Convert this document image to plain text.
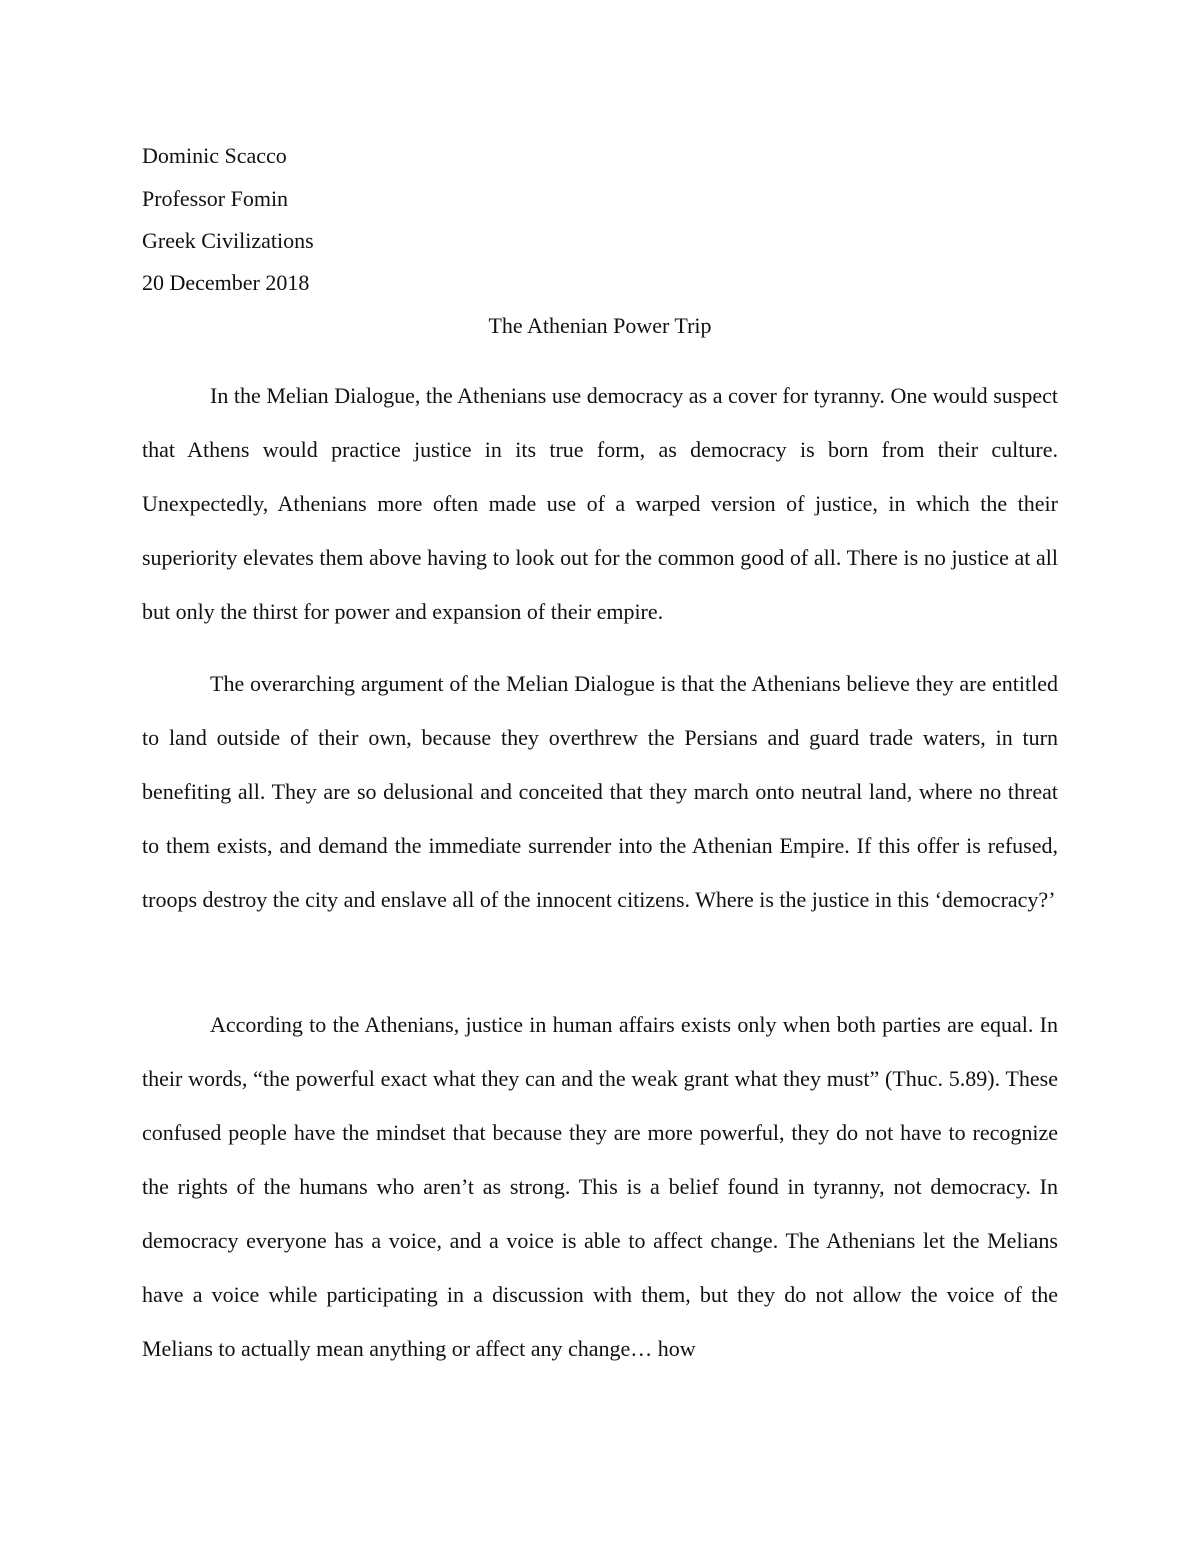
Dominic Scacco
Professor Fomin
Greek Civilizations
20 December 2018
The Athenian Power Trip

In the Melian Dialogue, the Athenians use democracy as a cover for tyranny. One would suspect that Athens would practice justice in its true form, as democracy is born from their culture. Unexpectedly, Athenians more often made use of a warped version of justice, in which the their superiority elevates them above having to look out for the common good of all. There is no justice at all but only the thirst for power and expansion of their empire.

The overarching argument of the Melian Dialogue is that the Athenians believe they are entitled to land outside of their own, because they overthrew the Persians and guard trade waters, in turn benefiting all. They are so delusional and conceited that they march onto neutral land, where no threat to them exists, and demand the immediate surrender into the Athenian Empire. If this offer is refused, troops destroy the city and enslave all of the innocent citizens. Where is the justice in this ‘democracy?’

According to the Athenians, justice in human affairs exists only when both parties are equal. In their words, “the powerful exact what they can and the weak grant what they must” (Thuc. 5.89). These confused people have the mindset that because they are more powerful, they do not have to recognize the rights of the humans who aren’t as strong. This is a belief found in tyranny, not democracy. In democracy everyone has a voice, and a voice is able to affect change. The Athenians let the Melians have a voice while participating in a discussion with them, but they do not allow the voice of the Melians to actually mean anything or affect any change… how
